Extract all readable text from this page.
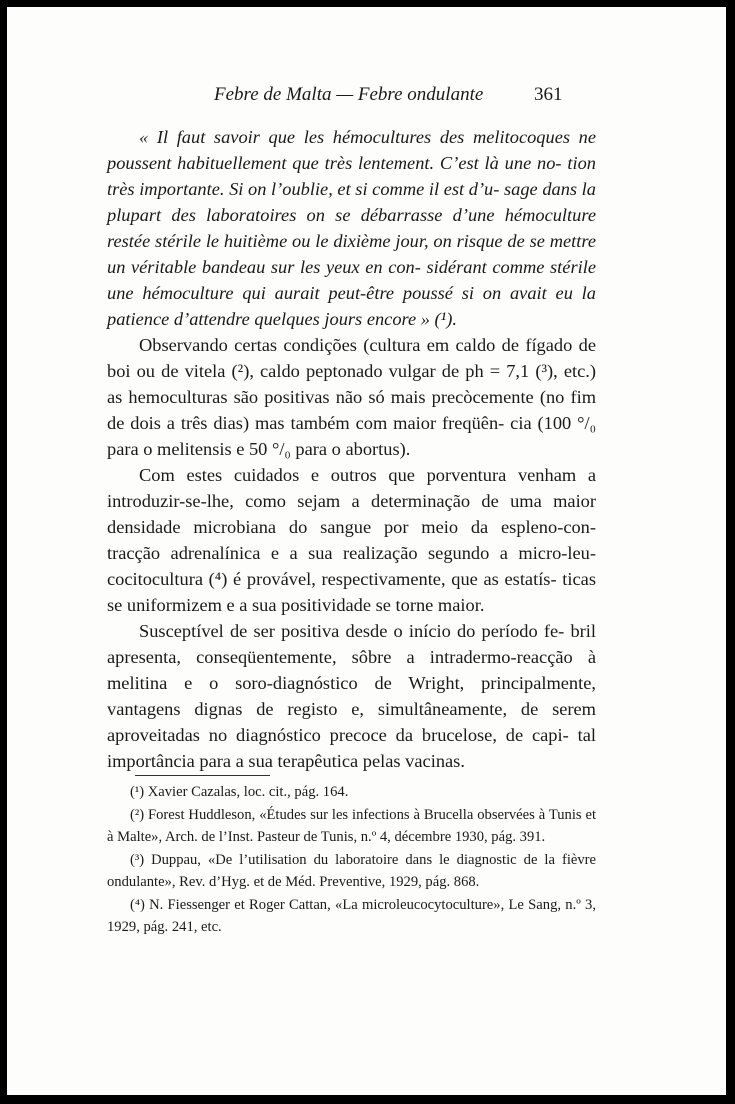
Febre de Malta — Febre ondulante	361

« Il faut savoir que les hémocultures des melitocoques ne poussent habituellement que très lentement. C’est là une no- tion très importante. Si on l’oublie, et si comme il est d’u- sage dans la plupart des laboratoires on se débarrasse d’une hémoculture restée stérile le huitième ou le dixième jour, on risque de se mettre un véritable bandeau sur les yeux en con- sidérant comme stérile une hémoculture qui aurait peut-être poussé si on avait eu la patience d’attendre quelques jours encore » (¹).

Observando certas condições (cultura em caldo de fígado de boi ou de vitela (²), caldo peptonado vulgar de ph = 7,1 (³), etc.) as hemoculturas são positivas não só mais precòcemente (no fim de dois a três dias) mas também com maior freqüên- cia (100 °/₀ para o melitensis e 50 °/₀ para o abortus).

Com estes cuidados e outros que porventura venham a introduzir-se-lhe, como sejam a determinação de uma maior densidade microbiana do sangue por meio da espleno-con- tracção adrenalínica e a sua realização segundo a micro-leu- cocitocultura (⁴) é provável, respectivamente, que as estatís- ticas se uniformizem e a sua positividade se torne maior.

Susceptível de ser positiva desde o início do período fe- bril apresenta, conseqüentemente, sôbre a intradermo-reacção à melitina e o soro-diagnóstico de Wright, principalmente, vantagens dignas de registo e, simultâneamente, de serem aproveitadas no diagnóstico precoce da brucelose, de capi- tal importância para a sua terapêutica pelas vacinas.

(¹) Xavier Cazalas, loc. cit., pág. 164.

(²) Forest Huddleson, «Études sur les infections à Brucella observées à Tunis et à Malte», Arch. de l’Inst. Pasteur de Tunis, n.º 4, décembre 1930, pág. 391.

(³) Duppau, «De l’utilisation du laboratoire dans le diagnostic de la fièvre ondulante», Rev. d’Hyg. et de Méd. Preventive, 1929, pág. 868.

(⁴) N. Fiessenger et Roger Cattan, «La microleucocytoculture», Le Sang, n.º 3, 1929, pág. 241, etc.
